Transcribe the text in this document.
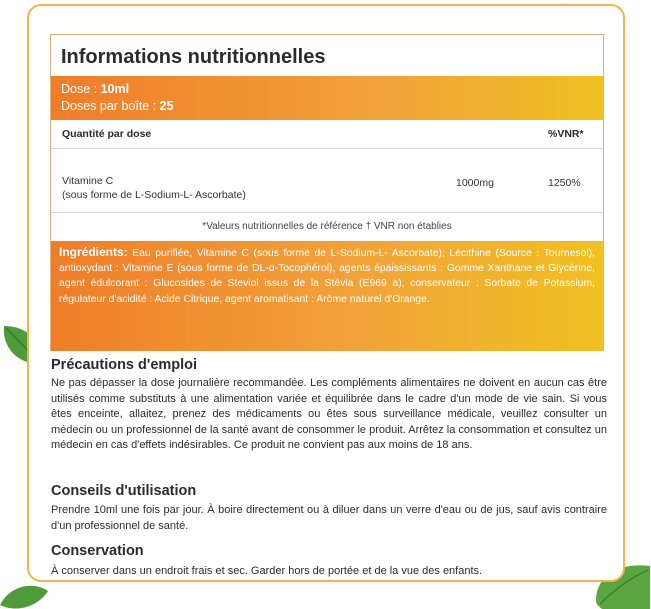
Informations nutritionnelles
Dose : 10ml
Doses par boîte : 25
Quantité par dose	%VNR*
Vitamine C
(sous forme de L-Sodium-L- Ascorbate)
1000mg	1250%
*Valeurs nutritionnelles de référence † VNR non établies
Ingrédients: Eau purifiée, Vitamine C (sous forme de L-Sodium-L- Ascorbate), Lécithine (Source : Tournesol), antioxydant : Vitamine E (sous forme de DL-α-Tocophérol), agents épaississants : Gomme Xanthane et Glycérine, agent édulcorant : Glucosides de Steviol issus de la Stévia (E969 a), conservateur : Sorbate de Potassium, régulateur d'acidité : Acide Citrique, agent aromatisant : Arôme naturel d'Orange.
Précautions d'emploi
Ne pas dépasser la dose journalière recommandée. Les compléments alimentaires ne doivent en aucun cas être utilisés comme substituts à une alimentation variée et équilibrée dans le cadre d'un mode de vie sain. Si vous êtes enceinte, allaitez, prenez des médicaments ou êtes sous surveillance médicale, veuillez consulter un médecin ou un professionnel de la santé avant de consommer le produit. Arrêtez la consommation et consultez un médecin en cas d'effets indésirables. Ce produit ne convient pas aux moins de 18 ans.
Conseils d'utilisation
Prendre 10ml une fois par jour. À boire directement ou à diluer dans un verre d'eau ou de jus, sauf avis contraire d'un professionnel de santé.
Conservation
À conserver dans un endroit frais et sec. Garder hors de portée et de la vue des enfants.
